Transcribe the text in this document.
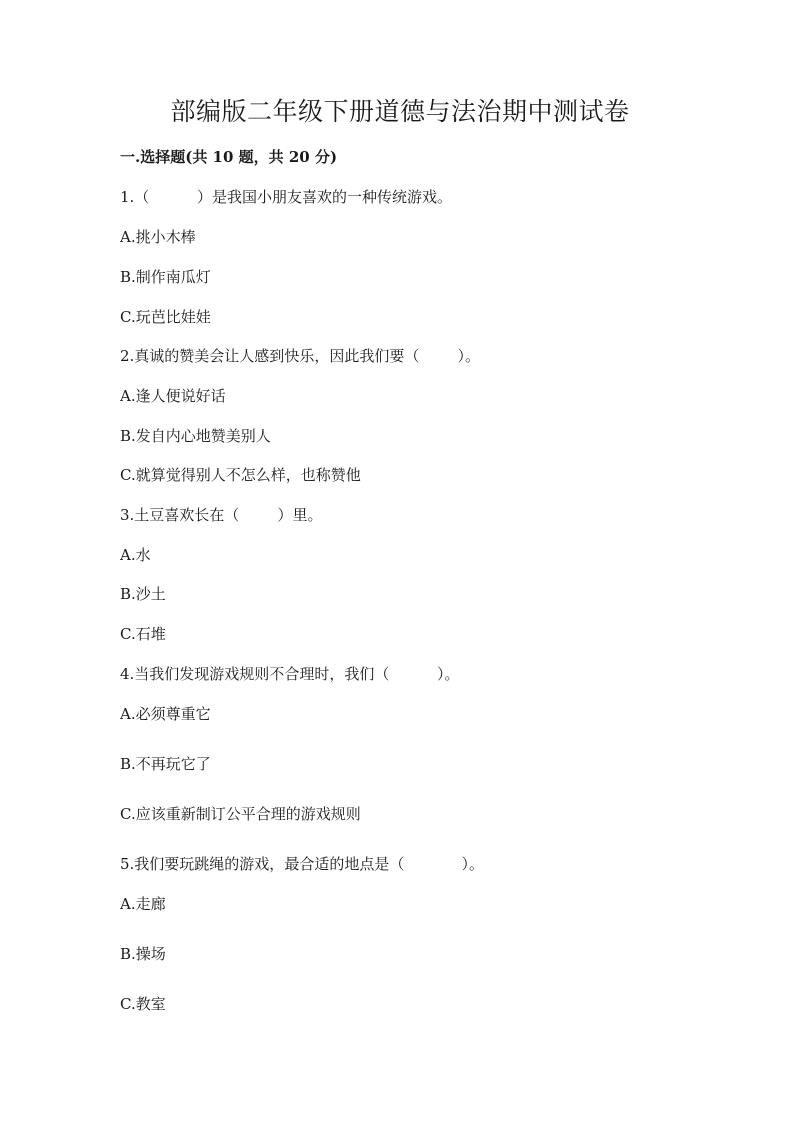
部编版二年级下册道德与法治期中测试卷
一.选择题(共 10 题，共 20 分)
1.（          ）是我国小朋友喜欢的一种传统游戏。
A.挑小木棒
B.制作南瓜灯
C.玩芭比娃娃
2.真诚的赞美会让人感到快乐，因此我们要（        ）。
A.逢人便说好话
B.发自内心地赞美别人
C.就算觉得别人不怎么样，也称赞他
3.土豆喜欢长在（        ）里。
A.水
B.沙土
C.石堆
4.当我们发现游戏规则不合理时，我们（          ）。
A.必须尊重它
B.不再玩它了
C.应该重新制订公平合理的游戏规则
5.我们要玩跳绳的游戏，最合适的地点是（            ）。
A.走廊
B.操场
C.教室
